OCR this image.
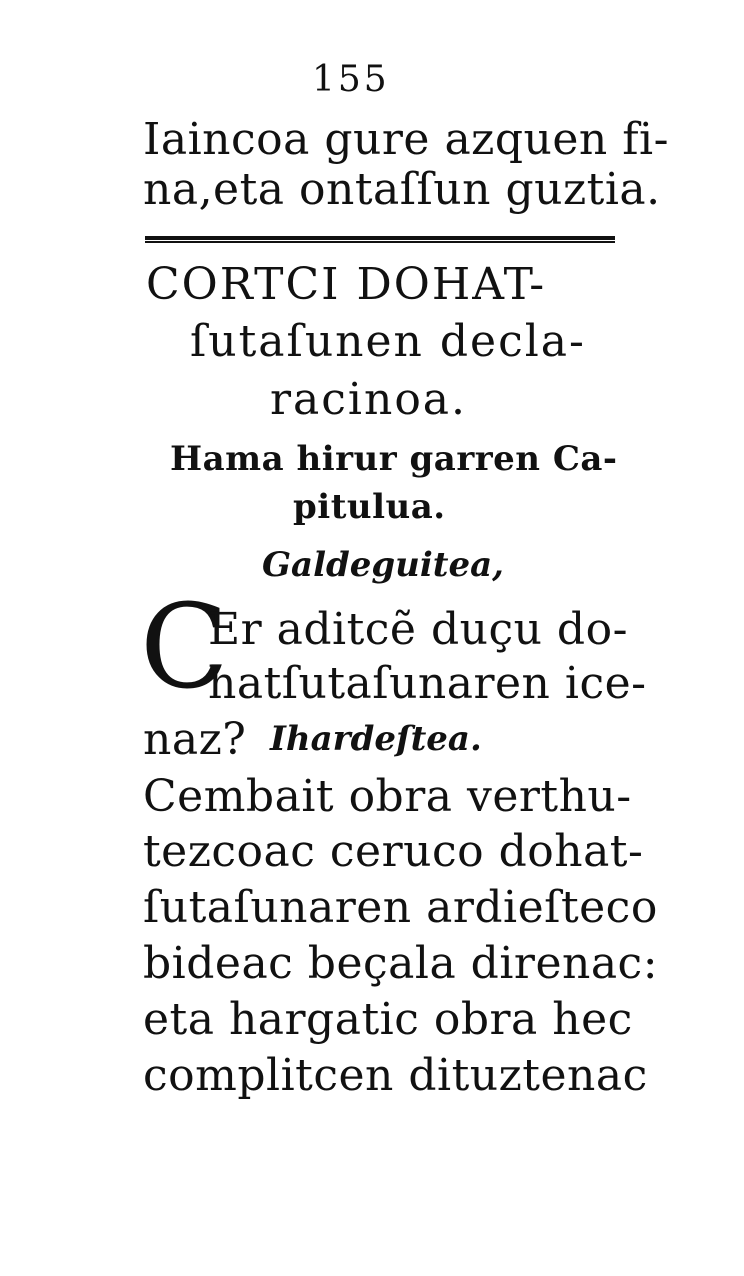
155
Iaincoa gure azquen fi-
na,eta ontaſſun guztia.
CORTCI DOHAT-
ſutaſunen decla-
racinoa.
Hama hirur garren Ca-
pitulua.
Galdeguitea,
C
Er aditcẽ duçu do-
hatſutaſunaren ice-
naz? Ihardeſtea.
Cembait obra verthu-
tezcoac ceruco dohat-
ſutaſunaren ardieſteco
bideac beçala direnac:
eta hargatic obra hec
complitcen dituztenac
